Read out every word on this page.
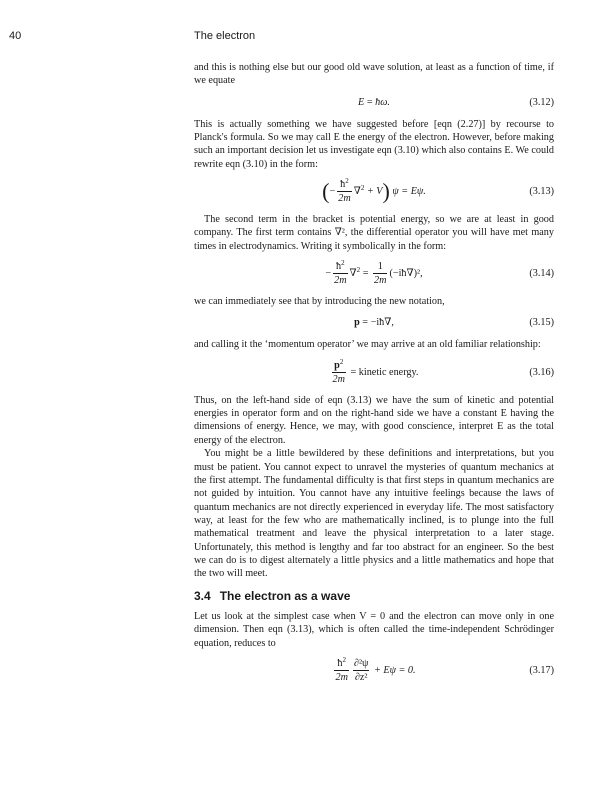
40	The electron

and this is nothing else but our good old wave solution, at least as a function of time, if we equate

E = ħω.	(3.12)

This is actually something we have suggested before [eqn (2.27)] by recourse to Planck's formula. So we may call E the energy of the electron. However, before making such an important decision let us investigate eqn (3.10) which also contains E. We could rewrite eqn (3.10) in the form:

(− $\frac{ħ^2}{2m} \nabla^2 + V$) ψ = Eψ.	(3.13)

The second term in the bracket is potential energy, so we are at least in good company. The first term contains ∇², the differential operator you will have met many times in electrodynamics. Writing it symbolically in the form:

− $\frac{ħ^2}{2m} \nabla^2 = \frac{1}{2m}$ (−iħ∇)²,	(3.14)

we can immediately see that by introducing the new notation,

p = −iħ∇,	(3.15)

and calling it the ‘momentum operator’ we may arrive at an old familiar relationship:

$\frac{p^2}{2m}$ = kinetic energy.	(3.16)

Thus, on the left-hand side of eqn (3.13) we have the sum of kinetic and potential energies in operator form and on the right-hand side we have a constant E having the dimensions of energy. Hence, we may, with good conscience, interpret E as the total energy of the electron.

You might be a little bewildered by these definitions and interpretations, but you must be patient. You cannot expect to unravel the mysteries of quantum mechanics at the first attempt. The fundamental difficulty is that first steps in quantum mechanics are not guided by intuition. You cannot have any intuitive feelings because the laws of quantum mechanics are not directly experienced in everyday life. The most satisfactory way, at least for the few who are mathematically inclined, is to plunge into the full mathematical treatment and leave the physical interpretation to a later stage. Unfortunately, this method is lengthy and far too abstract for an engineer. So the best we can do is to digest alternately a little physics and a little mathematics and hope that the two will meet.

3.4 The electron as a wave

Let us look at the simplest case when V = 0 and the electron can move only in one dimension. Then eqn (3.13), which is often called the time-independent Schrödinger equation, reduces to

$\frac{ħ^2}{2m} \frac{\text{∂²ψ}}{\text{∂z²}} + E\psi = 0$.	(3.17)
